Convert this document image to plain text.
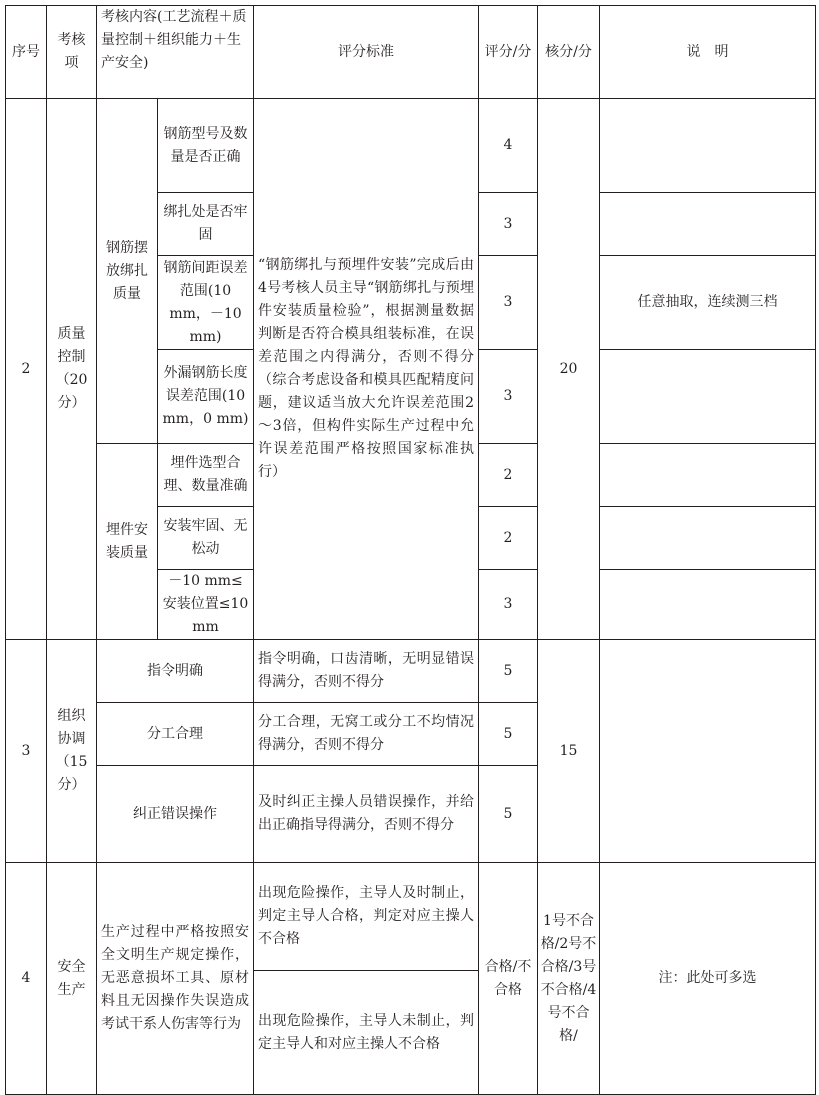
序号	考核项	考核内容(工艺流程＋质量控制＋组织能力＋生产安全)		评分标准	评分/分	核分/分	说　明
2	质量控制（20分）	钢筋摆放绑扎质量	钢筋型号及数量是否正确	“钢筋绑扎与预埋件安装”完成后由4号考核人员主导“钢筋绑扎与预埋件安装质量检验”，根据测量数据判断是否符合模具组装标准，在误差范围之内得满分，否则不得分（综合考虑设备和模具匹配精度问题，建议适当放大允许误差范围2～3倍，但构件实际生产过程中允许误差范围严格按照国家标准执行）	4	20	
			绑扎处是否牢固		3		
			钢筋间距误差范围(10 mm，－10 mm)		3		任意抽取，连续测三档
			外漏钢筋长度误差范围(10 mm，0 mm)		3		
		埋件安装质量	埋件选型合理、数量准确		2		
			安装牢固、无松动		2		
			－10 mm≤安装位置≤10 mm		3		
3	组织协调（15分）	指令明确		指令明确，口齿清晰，无明显错误得满分，否则不得分	5	15	
		分工合理		分工合理，无窝工或分工不均情况得满分，否则不得分	5		
		纠正错误操作		及时纠正主操人员错误操作，并给出正确指导得满分，否则不得分	5		
4	安全生产	生产过程中严格按照安全文明生产规定操作，无恶意损坏工具、原材料且无因操作失误造成考试干系人伤害等行为		出现危险操作，主导人及时制止，判定主导人合格，判定对应主操人不合格	合格/不合格	1号不合格/2号不合格/3号不合格/4号不合格/	注：此处可多选
				出现危险操作，主导人未制止，判定主导人和对应主操人不合格			
